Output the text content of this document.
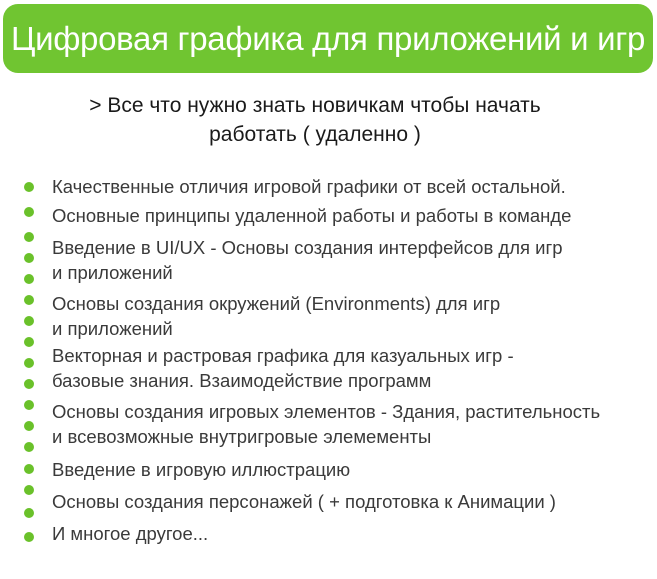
Цифровая графика для приложений и игр
> Все что нужно знать новичкам чтобы начать
работать ( удаленно )
Качественные отличия игровой графики от всей остальной.
Основные принципы удаленной работы и работы в команде
Введение в UI/UX - Основы создания интерфейсов для игр
и приложений
Основы создания окружений (Environments) для игр
и приложений
Векторная и растровая графика для казуальных игр -
базовые знания. Взаимодействие программ
Основы создания игровых элементов - Здания, растительность
и всевозможные внутригровые элемементы
Введение в игровую иллюстрацию
Основы создания персонажей ( + подготовка к Анимации )
И многое другое...
